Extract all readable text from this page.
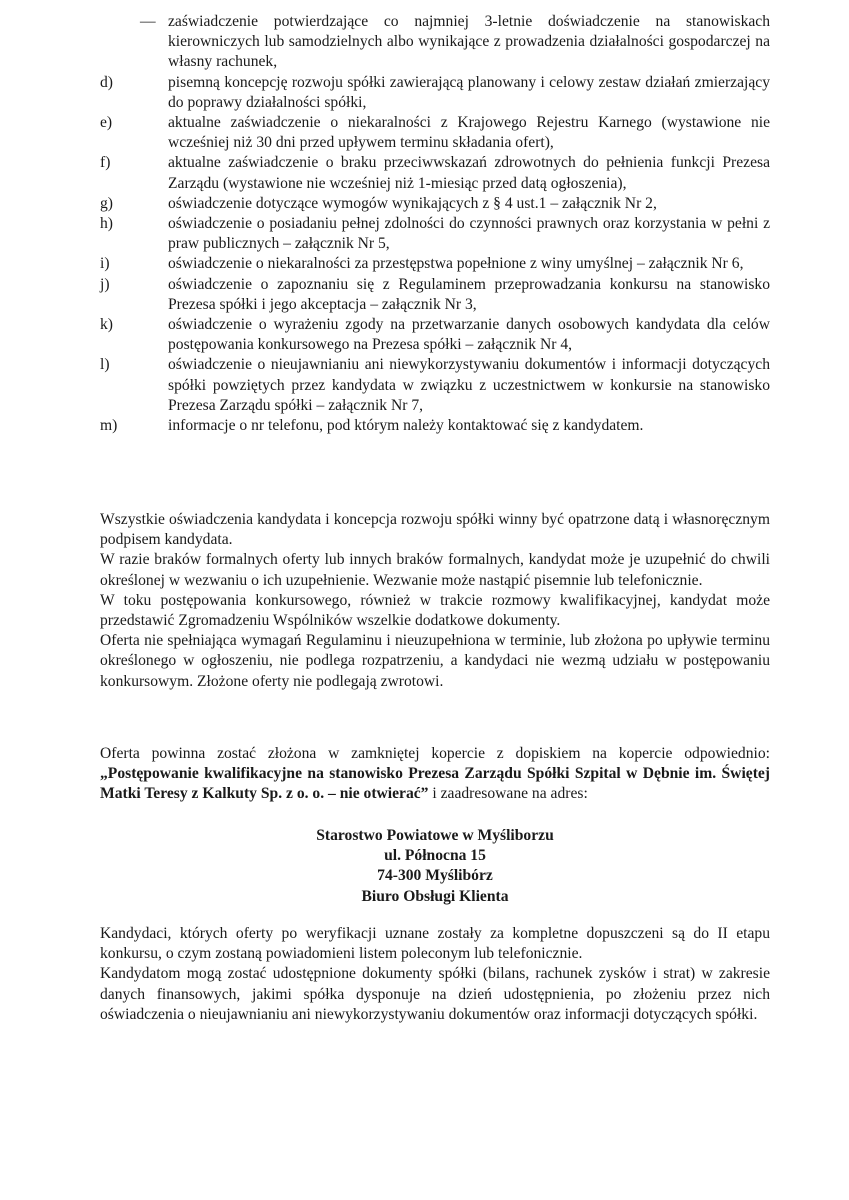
— zaświadczenie potwierdzające co najmniej 3-letnie doświadczenie na stanowiskach kierowniczych lub samodzielnych albo wynikające z prowadzenia działalności gospodarczej na własny rachunek,
d)	pisemną koncepcję rozwoju spółki zawierającą planowany i celowy zestaw działań zmierzający do poprawy działalności spółki,
e)	aktualne zaświadczenie o niekaralności z Krajowego Rejestru Karnego (wystawione nie wcześniej niż 30 dni przed upływem terminu składania ofert),
f)	aktualne zaświadczenie o braku przeciwwskazań zdrowotnych do pełnienia funkcji Prezesa Zarządu (wystawione nie wcześniej niż 1-miesiąc przed datą ogłoszenia),
g)	oświadczenie dotyczące wymogów wynikających z § 4 ust.1 – załącznik Nr 2,
h)	oświadczenie o posiadaniu pełnej zdolności do czynności prawnych oraz korzystania w pełni z praw publicznych – załącznik Nr 5,
i)	oświadczenie o niekaralności za przestępstwa popełnione z winy umyślnej – załącznik Nr 6,
j)	oświadczenie o zapoznaniu się z Regulaminem przeprowadzania konkursu na stanowisko Prezesa spółki i jego akceptacja – załącznik Nr 3,
k)	oświadczenie o wyrażeniu zgody na przetwarzanie danych osobowych kandydata dla celów postępowania konkursowego na Prezesa spółki – załącznik Nr 4,
l)	oświadczenie o nieujawnianiu ani niewykorzystywaniu dokumentów i informacji dotyczących spółki powziętych przez kandydata w związku z uczestnictwem w konkursie na stanowisko Prezesa Zarządu spółki – załącznik Nr 7,
m)	informacje o nr telefonu, pod którym należy kontaktować się z kandydatem.

Wszystkie oświadczenia kandydata i koncepcja rozwoju spółki winny być opatrzone datą i własnoręcznym podpisem kandydata.

W razie braków formalnych oferty lub innych braków formalnych, kandydat może je uzupełnić do chwili określonej w wezwaniu o ich uzupełnienie. Wezwanie może nastąpić pisemnie lub telefonicznie.

W toku postępowania konkursowego, również w trakcie rozmowy kwalifikacyjnej, kandydat może przedstawić Zgromadzeniu Wspólników wszelkie dodatkowe dokumenty.

Oferta nie spełniająca wymagań Regulaminu i nieuzupełniona w terminie, lub złożona po upływie terminu określonego w ogłoszeniu, nie podlega rozpatrzeniu, a kandydaci nie wezmą udziału w postępowaniu konkursowym. Złożone oferty nie podlegają zwrotowi.

Oferta powinna zostać złożona w zamkniętej kopercie z dopiskiem na kopercie odpowiednio: „Postępowanie kwalifikacyjne na stanowisko Prezesa Zarządu Spółki Szpital w Dębnie im. Świętej Matki Teresy z Kalkuty Sp. z o. o. – nie otwierać” i zaadresowane na adres:

Starostwo Powiatowe w Myśliborzu
ul. Północna 15
74-300 Myślibórz
Biuro Obsługi Klienta

Kandydaci, których oferty po weryfikacji uznane zostały za kompletne dopuszczeni są do II etapu konkursu, o czym zostaną powiadomieni listem poleconym lub telefonicznie.

Kandydatom mogą zostać udostępnione dokumenty spółki (bilans, rachunek zysków i strat) w zakresie danych finansowych, jakimi spółka dysponuje na dzień udostępnienia, po złożeniu przez nich oświadczenia o nieujawnianiu ani niewykorzystywaniu dokumentów oraz informacji dotyczących spółki.
